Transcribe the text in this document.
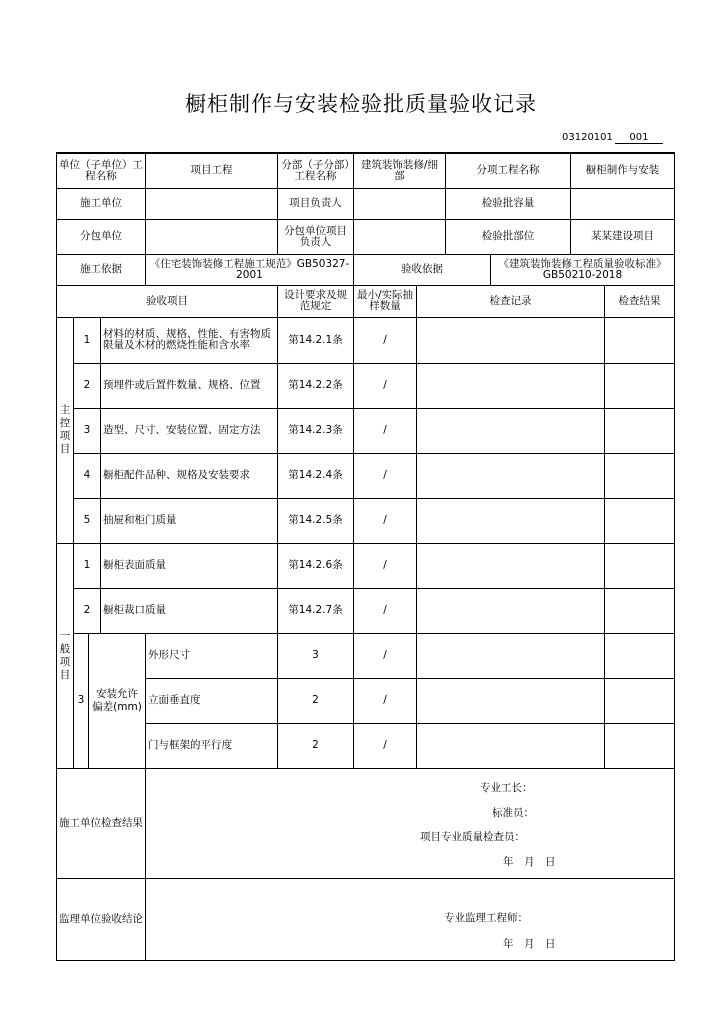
橱柜制作与安装检验批质量验收记录
03120101 001
单位（子单位）工程名称				项目工程	分部（子分部）工程名称	建筑装饰装修/细部		分项工程名称		橱柜制作与安装	
施工单位					项目负责人			检验批容量			
分包单位					分包单位项目负责人			检验批部位		某某建设项目	
施工依据				《住宅装饰装修工程施工规范》GB50327-2001		验收依据			《建筑装饰装修工程质量验收标准》GB50210-2018		
验收项目					设计要求及规范规定	最小/实际抽样数量	检查记录				检查结果
主控项目	1		材料的材质、规格、性能、有害物质限量及木材的燃烧性能和含水率		第14.2.1条	/					
	2		预埋件或后置件数量、规格、位置		第14.2.2条	/					
	3		造型、尺寸、安装位置、固定方法		第14.2.3条	/					
	4		橱柜配件品种、规格及安装要求		第14.2.4条	/					
	5		抽屉和柜门质量		第14.2.5条	/					
一般项目	1		橱柜表面质量		第14.2.6条	/					
	2		橱柜裁口质量		第14.2.7条	/					
	3	安装允许偏差(mm)		外形尺寸	3	/					
				立面垂直度	2	/					
				门与框架的平行度	2	/					
施工单位检查结果				专业工长：
标准员：
项目专业质量检查员：
年　月　日							

监理单位验收结论				专业监理工程师：
年　月　日							
